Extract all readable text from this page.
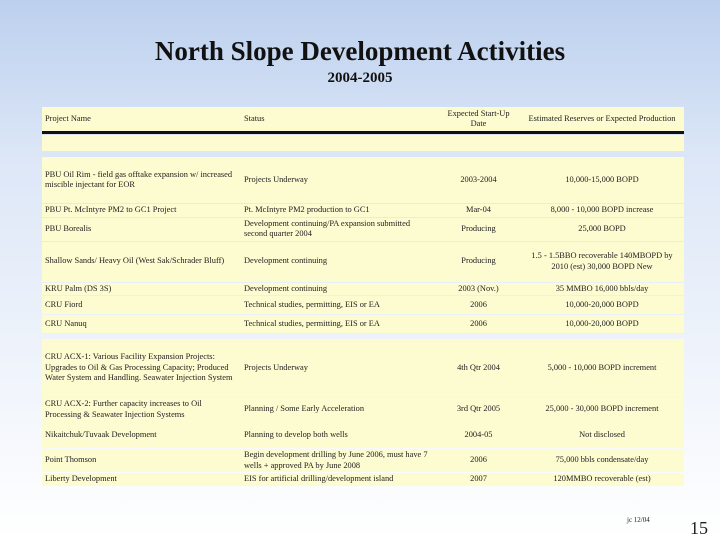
North Slope Development Activities
2004-2005
Project Name	Status	Expected Start-Up Date	Estimated Reserves or Expected Production

PBU Oil Rim - field gas offtake expansion w/ increased miscible injectant for EOR	Projects Underway	2003-2004	10,000-15,000 BOPD
PBU Pt. McIntyre PM2 to GC1 Project	Pt. McIntyre PM2 production to GC1	Mar-04	8,000 - 10,000 BOPD increase
PBU Borealis	Development continuing/PA expansion submitted second quarter 2004	Producing	25,000 BOPD
Shallow Sands/ Heavy Oil (West Sak/Schrader Bluff)	Development continuing	Producing	1.5 - 1.5BBO recoverable 140MBOPD by 2010 (est) 30,000 BOPD New
KRU Palm (DS 3S)	Development continuing	2003 (Nov.)	35 MMBO 16,000 bbls/day
CRU Fiord	Technical studies, permitting, EIS or EA	2006	10,000-20,000 BOPD
CRU Nanuq	Technical studies, permitting, EIS or EA	2006	10,000-20,000 BOPD

CRU ACX-1: Various Facility Expansion Projects: Upgrades to Oil & Gas Processing Capacity; Produced Water System and Handling. Seawater Injection System	Projects Underway	4th Qtr 2004	5,000 - 10,000 BOPD increment
CRU ACX-2: Further capacity increases to Oil Processing & Seawater Injection Systems	Planning / Some Early Acceleration	3rd Qtr 2005	25,000 - 30,000 BOPD increment
Nikaitchuk/Tuvaak Development	Planning to develop both wells	2004-05	Not disclosed
Point Thomson	Begin development drilling by June 2006, must have 7 wells + approved PA by June 2008	2006	75,000 bbls condensate/day
Liberty Development	EIS for artificial drilling/development island	2007	120MMBO recoverable (est)
jc 12/04 15
